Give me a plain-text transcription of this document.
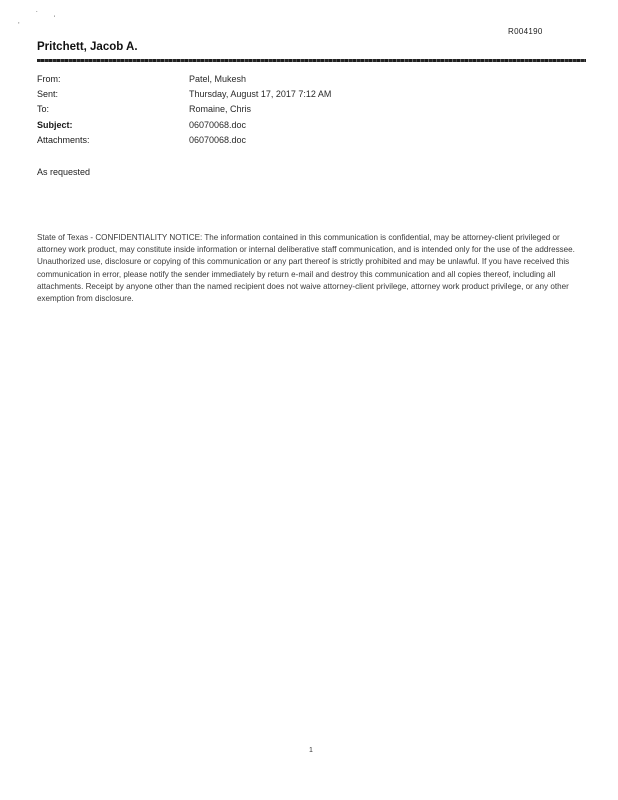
.
'
,
R004190
Pritchett, Jacob A.
From:	Patel, Mukesh
Sent:	Thursday, August 17, 2017 7:12 AM
To:	Romaine, Chris
Subject:	06070068.doc
Attachments:	06070068.doc
As requested
State of Texas - CONFIDENTIALITY NOTICE: The information contained in this communication is confidential, may be attorney-client privileged or attorney work product, may constitute inside information or internal deliberative staff communication, and is intended only for the use of the addressee. Unauthorized use, disclosure or copying of this communication or any part thereof is strictly prohibited and may be unlawful. If you have received this communication in error, please notify the sender immediately by return e-mail and destroy this communication and all copies thereof, including all attachments. Receipt by anyone other than the named recipient does not waive attorney-client privilege, attorney work product privilege, or any other exemption from disclosure.
1
